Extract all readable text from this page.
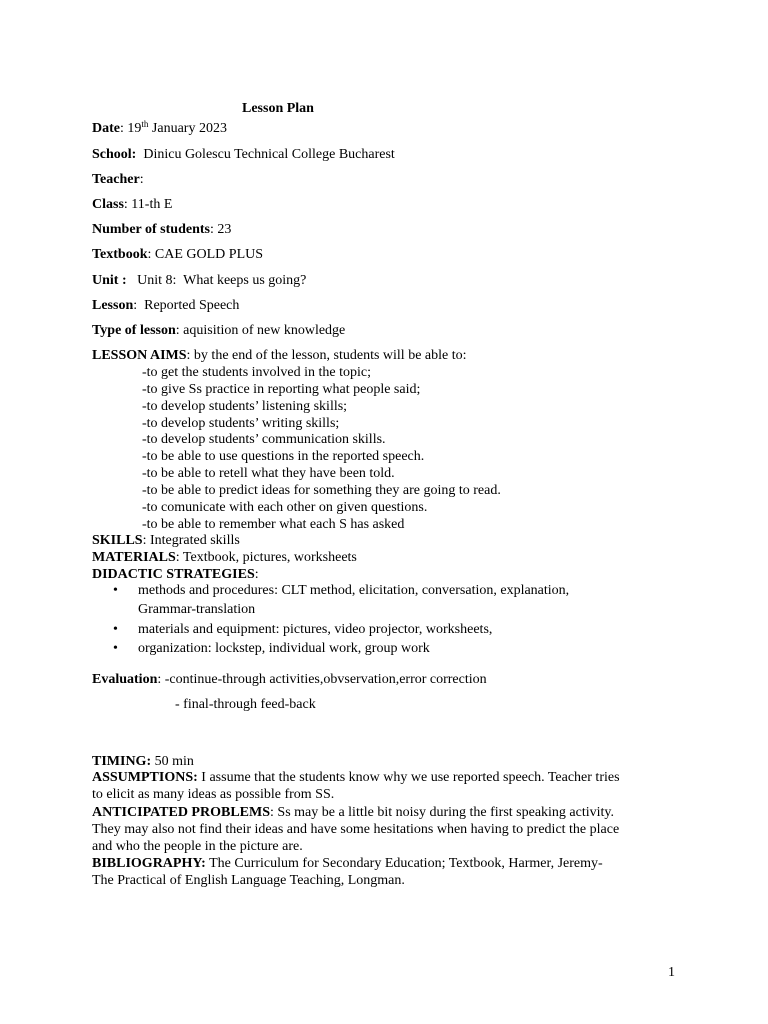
Lesson Plan
Date: 19th January 2023
School:  Dinicu Golescu Technical College Bucharest
Teacher:
Class: 11-th E
Number of students: 23
Textbook: CAE GOLD PLUS
Unit :   Unit 8:  What keeps us going?
Lesson:  Reported Speech
Type of lesson: aquisition of new knowledge
LESSON AIMS: by the end of the lesson, students will be able to:
-to get the students involved in the topic;
-to give Ss practice in reporting what people said;
-to develop students’ listening skills;
-to develop students’ writing skills;
-to develop students’ communication skills.
-to be able to use questions in the reported speech.
-to be able to retell what they have been told.
-to be able to predict ideas for something they are going to read.
-to comunicate with each other on given questions.
-to be able to remember what each S has asked
SKILLS: Integrated skills
MATERIALS: Textbook, pictures, worksheets
DIDACTIC STRATEGIES:
• methods and procedures: CLT method, elicitation, conversation, explanation,
Grammar-translation
• materials and equipment: pictures, video projector, worksheets,
• organization: lockstep, individual work, group work
Evaluation: -continue-through activities,obvservation,error correction
- final-through feed-back
TIMING: 50 min
ASSUMPTIONS: I assume that the students know why we use reported speech. Teacher tries
to elicit as many ideas as possible from SS.
ANTICIPATED PROBLEMS: Ss may be a little bit noisy during the first speaking activity.
They may also not find their ideas and have some hesitations when having to predict the place
and who the people in the picture are.
BIBLIOGRAPHY: The Curriculum for Secondary Education; Textbook, Harmer, Jeremy-
The Practical of English Language Teaching, Longman.
1
